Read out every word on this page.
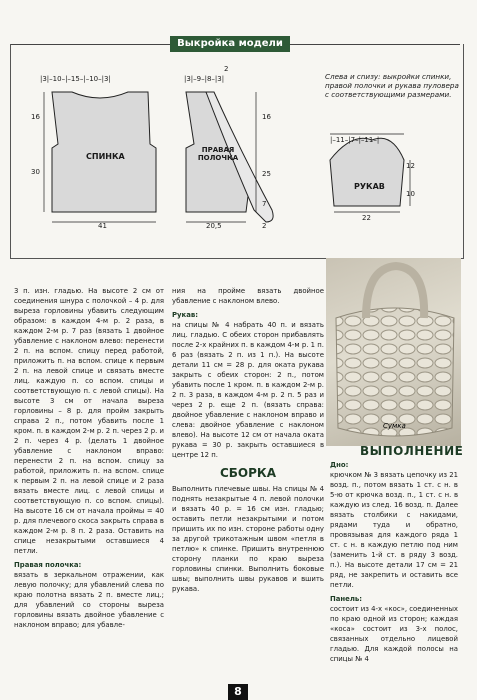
Выкройка модели
|3|–10–|–15–|–10–|3|
16
30
41
СПИНКА
2
|3|–9–|8–|3|
16
25
7
20,5	2
ПРАВАЯ ПОЛОЧКА
Слева и сnизу: выкройки спинки, правой полочки и рукава пуловера с соответствующими размерами.
|–11–|7–|–11–|
12
10
22
РУКАВ
Сумка

3 п. изн. гладью. На высоте 2 см от соединения шнура с полочкой – 4 р. для выреза горловины убавить следующим образом: в каждом 4-м р. 2 раза, в каждом 2-м р. 7 раз (вязать 1 двойное убавление с наклоном влево: перенести 2 п. на вспом. спицу перед работой, приложить п. на вспом. спице к первым 2 п. на левой спице и связать вместе лиц. каждую п. со вспом. спицы и соответствующую п. с левой спицы). На высоте 3 см от начала выреза горловины – 8 р. для пройм закрыть справа 2 п., потом убавить после 1 кром. п. в каждом 2-м р. 2 п. через 2 р. и 2 п. через 4 р. (делать 1 двойное убавление с наклоном вправо: перенести 2 п. на вспом. спицу за работой, приложить п. на вспом. спице к первым 2 п. на левой спице и 2 раза вязать вместе лиц. с левой спицы и соответствующую п. со вспом. спицы). На высоте 16 см от начала проймы = 40 р. для плечевого скоса закрыть справа в каждом 2-м р. 8 п. 2 раза. Оставить на спице незакрытыми оставшиеся 4 петли.

Правая полочка:

вязать в зеркальном отражении, как левую полочку; для убавлений слева по краю полотна вязать 2 п. вместе лиц.; для убавлений со стороны выреза горловины вязать двойное убавление с наклоном вправо; для убавле-

ния на пройме вязать двойное убавление с наклоном влево.

Рукав:

на спицы № 4 набрать 40 п. и вязать лиц. гладью. С обеих сторон прибавлять после 2-х крайних п. в каждом 4-м р. 1 п. 6 раз (вязать 2 п. из 1 п.). На высоте детали 11 см = 28 р. для оката рукава закрыть с обеих сторон: 2 п., потом убавить после 1 кром. п. в каждом 2-м р. 2 п. 3 раза, в каждом 4-м р. 2 п. 5 раз и через 2 р. еще 2 п. (вязать справа: двойное убавление с наклоном вправо и слева: двойное убавление с наклоном влево). На высоте 12 см от начала оката рукава = 30 р. закрыть оставшиеся в центре 12 п.

СБОРКА

Выполнить плечевые швы. На спицы № 4 поднять незакрытые 4 п. левой полочки и вязать 40 р. = 16 см изн. гладью; оставить петли незакрытыми и потом пришить их по изн. стороне работы одну за другой трикотажным швом «петля в петлю» к спинке. Пришить внутреннюю сторону планки по краю выреза горловины спинки. Выполнить боковые швы; выполнить швы рукавов и вшить рукава.

ВЫПОЛНЕНИЕ

Дно:

крючком № 3 вязать цепочку из 21 возд. п., потом вязать 1 ст. с н. в 5-ю от крючка возд. п., 1 ст. с н. в каждую из след. 16 возд. п. Далее вязать столбики с накидами, рядами туда и обратно, провязывая для каждого ряда 1 ст. с н. в каждую петлю под ним (заменить 1-й ст. в ряду 3 возд. п.). На высоте детали 17 см = 21 ряд, не закрепить и оставить все петли.

Панель:

состоит из 4-х «кос», соединенных по краю одной из сторон; каждая «коса» состоит из 3-х полос, связанных отдельно лицевой гладью. Для каждой полосы на спицы № 4

8
